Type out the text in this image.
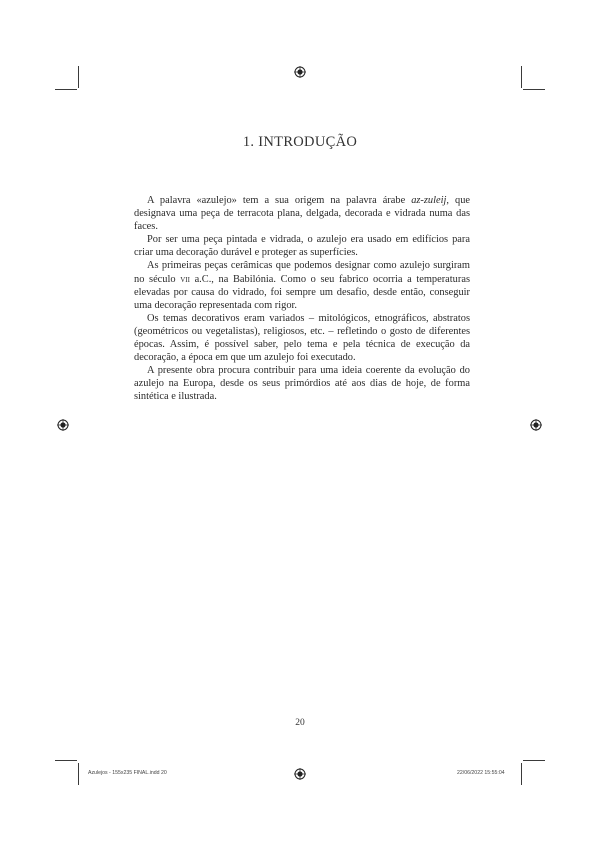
1. INTRODUÇÃO

A palavra «azulejo» tem a sua origem na palavra árabe az-zuleij, que designava uma peça de terracota plana, delgada, decorada e vidrada numa das faces.

Por ser uma peça pintada e vidrada, o azulejo era usado em edifícios para criar uma decoração durável e proteger as superfícies.

As primeiras peças cerâmicas que podemos designar como azulejo surgiram no século vii a.C., na Babilónia. Como o seu fabrico ocorria a temperaturas elevadas por causa do vidrado, foi sempre um desafio, desde então, conseguir uma decoração representada com rigor.

Os temas decorativos eram variados – mitológicos, etnográficos, abstratos (geométricos ou vegetalistas), religiosos, etc. – refletindo o gosto de diferentes épocas. Assim, é possível saber, pelo tema e pela técnica de execução da decoração, a época em que um azulejo foi executado.

A presente obra procura contribuir para uma ideia coerente da evolução do azulejo na Europa, desde os seus primórdios até aos dias de hoje, de forma sintética e ilustrada.

20
Azulejos - 155x235 FINAL.indd 20	22/06/2022 15:55:04
